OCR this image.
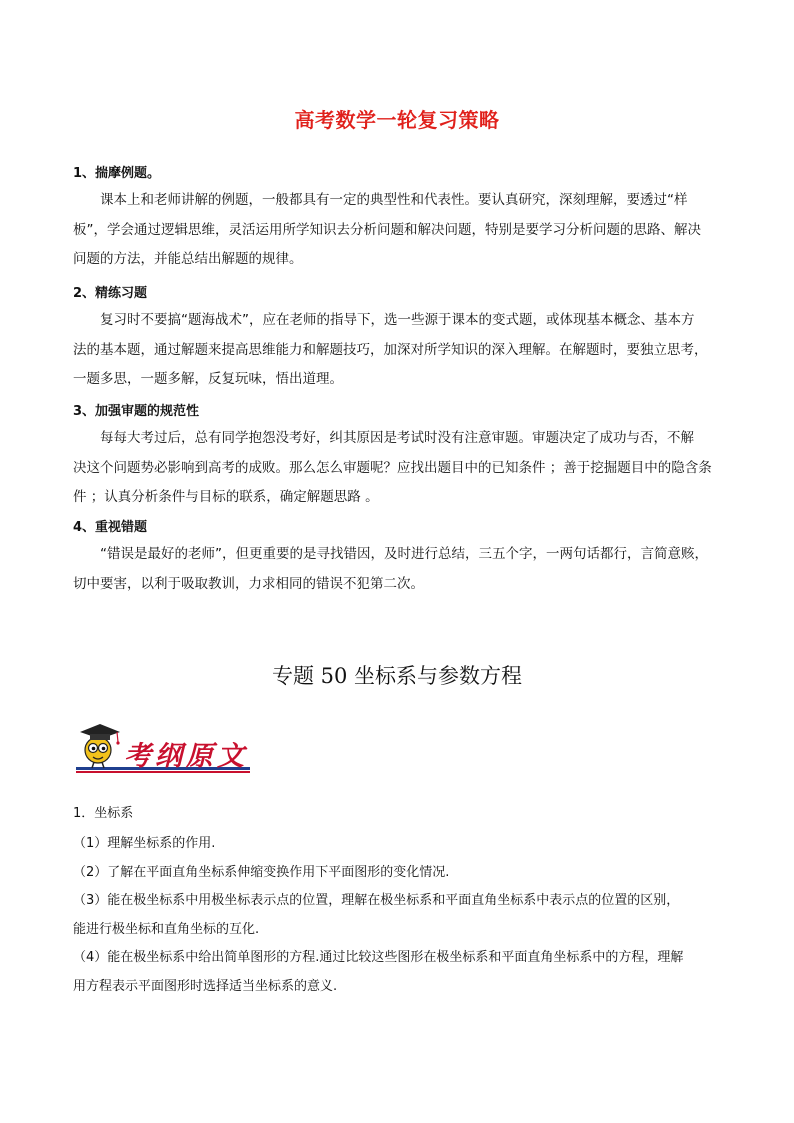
高考数学一轮复习策略
1、揣摩例题。
课本上和老师讲解的例题，一般都具有一定的典型性和代表性。要认真研究，深刻理解，要透过“样
板”，学会通过逻辑思维，灵活运用所学知识去分析问题和解决问题，特别是要学习分析问题的思路、解决
问题的方法，并能总结出解题的规律。
2、精练习题
复习时不要搞“题海战术”，应在老师的指导下，选一些源于课本的变式题，或体现基本概念、基本方
法的基本题，通过解题来提高思维能力和解题技巧，加深对所学知识的深入理解。在解题时，要独立思考，
一题多思，一题多解，反复玩味，悟出道理。
3、加强审题的规范性
每每大考过后，总有同学抱怨没考好，纠其原因是考试时没有注意审题。审题决定了成功与否，不解
决这个问题势必影响到高考的成败。那么怎么审题呢？应找出题目中的已知条件 ；善于挖掘题目中的隐含条
件 ；认真分析条件与目标的联系，确定解题思路 。
4、重视错题
“错误是最好的老师”，但更重要的是寻找错因，及时进行总结，三五个字，一两句话都行，言简意赅，
切中要害，以利于吸取教训，力求相同的错误不犯第二次。
专题 50 坐标系与参数方程
考纲原文
1．坐标系
（1）理解坐标系的作用.
（2）了解在平面直角坐标系伸缩变换作用下平面图形的变化情况.
（3）能在极坐标系中用极坐标表示点的位置，理解在极坐标系和平面直角坐标系中表示点的位置的区别，
能进行极坐标和直角坐标的互化.
（4）能在极坐标系中给出简单图形的方程.通过比较这些图形在极坐标系和平面直角坐标系中的方程，理解
用方程表示平面图形时选择适当坐标系的意义.
